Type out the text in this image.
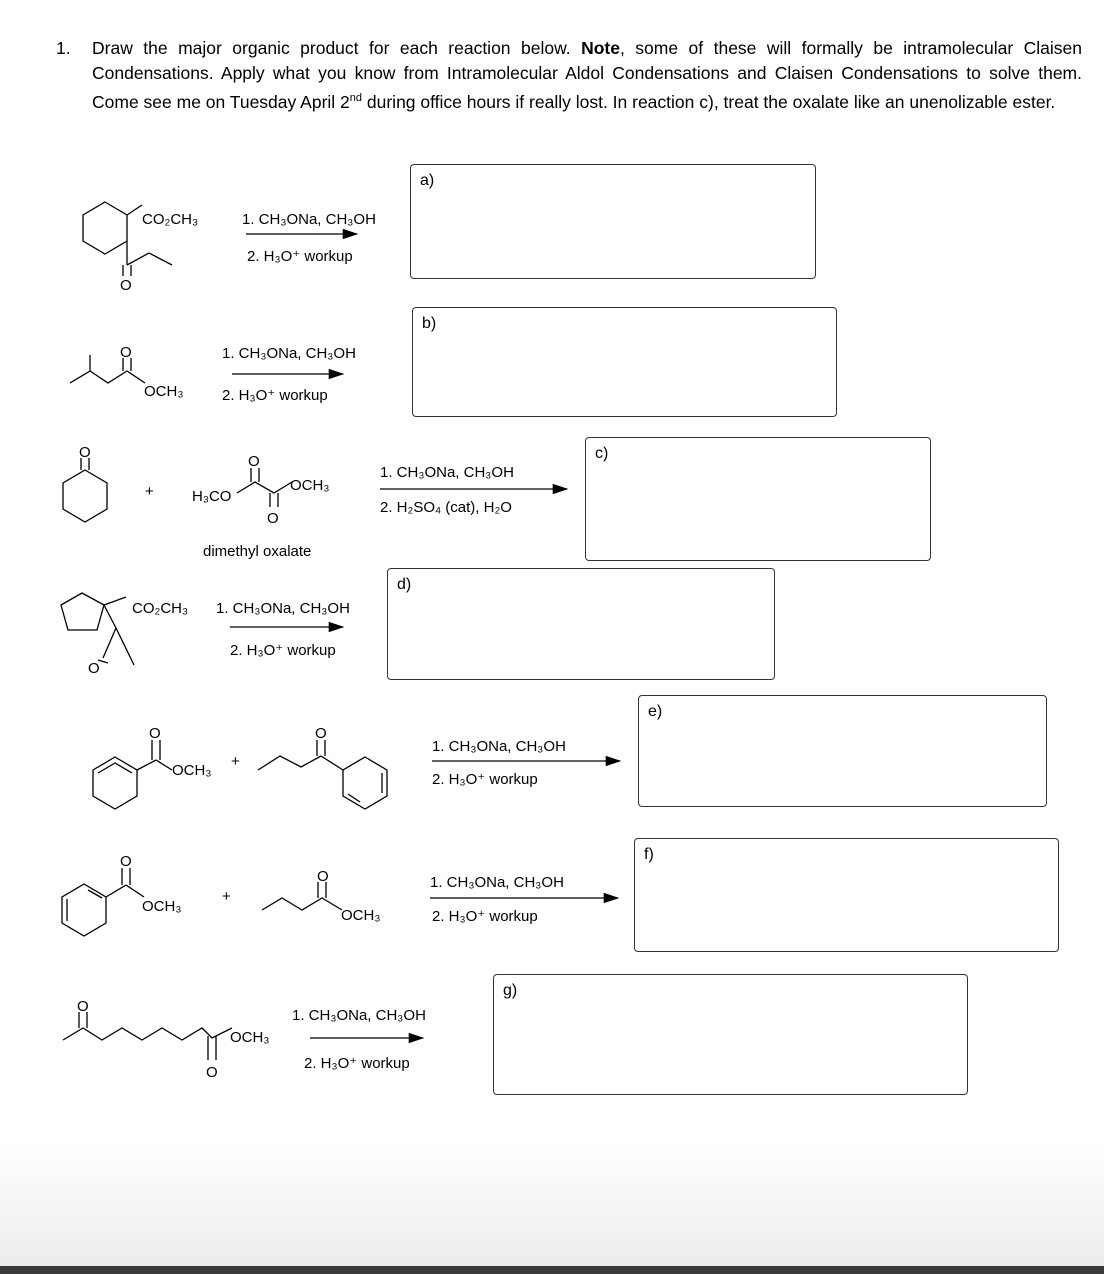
1. Draw the major organic product for each reaction below. Note, some of these will formally be intramolecular Claisen Condensations. Apply what you know from Intramolecular Aldol Condensations and Claisen Condensations to solve them. Come see me on Tuesday April 2nd during office hours if really lost. In reaction c), treat the oxalate like an unenolizable ester.
a)
b)
c)
d)
e)
f)
g)
CO₂CH₃
O
1. CH₃ONa, CH₃OH
2. H₃O⁺ workup
O
OCH₃
1. CH₃ONa, CH₃OH
2. H₃O⁺ workup
O
+	H₃CO
O
O
OCH₃
dimethyl oxalate
1. CH₃ONa, CH₃OH
2. H₂SO₄ (cat), H₂O
CO₂CH₃
O
1. CH₃ONa, CH₃OH
2. H₃O⁺ workup
O
OCH₃
+
O
1. CH₃ONa, CH₃OH
2. H₃O⁺ workup
O
OCH₃
+
O
OCH₃
1. CH₃ONa, CH₃OH
2. H₃O⁺ workup
O
OCH₃
O
1. CH₃ONa, CH₃OH
2. H₃O⁺ workup
